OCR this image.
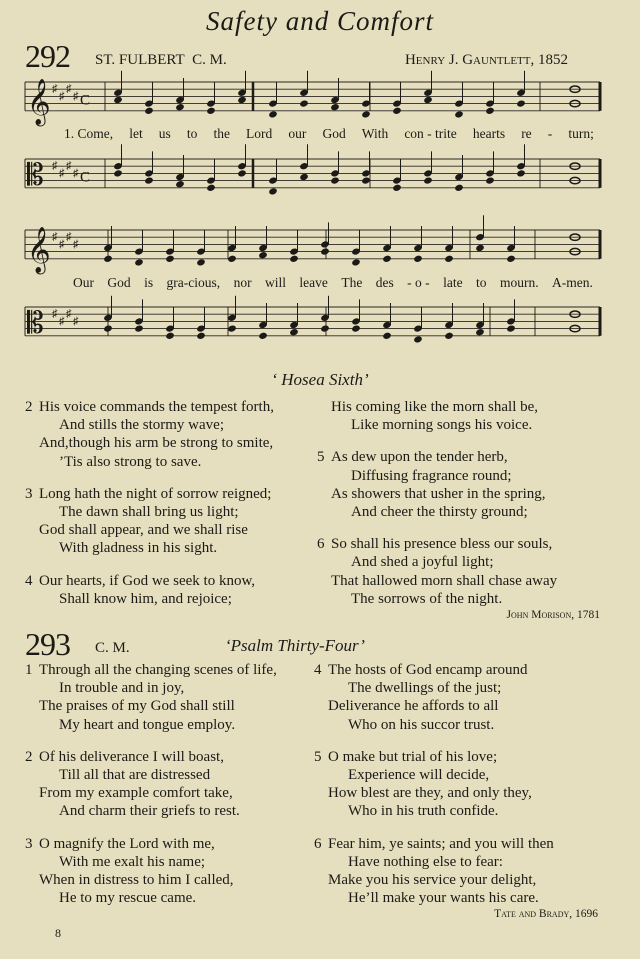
Safety and Comfort
292 ST. FULBERT C. M.	Henry J. Gauntlett, 1852
𝄞 ♯
♯
♯
♯ C
𝄡 ♯
♯
♯
♯ C
𝄞 ♯
♯
♯
♯
𝄡 ♯
♯
♯
♯
1. Come, let us to the Lord our God With con - trite hearts re - turn;
Our God is gra-cious, nor will leave The des - o - late to mourn. A-men.
‘ Hosea Sixth’
2 His voice commands the tempest forth,
And stills the stormy wave;
And,though his arm be strong to smite,
’Tis also strong to save.
3 Long hath the night of sorrow reigned;
The dawn shall bring us light;
God shall appear, and we shall rise
With gladness in his sight.
4 Our hearts, if God we seek to know,
Shall know him, and rejoice;
His coming like the morn shall be,
Like morning songs his voice.
5 As dew upon the tender herb,
Diffusing fragrance round;
As showers that usher in the spring,
And cheer the thirsty ground;
6 So shall his presence bless our souls,
And shed a joyful light;
That hallowed morn shall chase away
The sorrows of the night.
John Morison, 1781
293 C. M.	‘Psalm Thirty-Four’
1 Through all the changing scenes of life,
In trouble and in joy,
The praises of my God shall still
My heart and tongue employ.
2 Of his deliverance I will boast,
Till all that are distressed
From my example comfort take,
And charm their griefs to rest.
3 O magnify the Lord with me,
With me exalt his name;
When in distress to him I called,
He to my rescue came.
4 The hosts of God encamp around
The dwellings of the just;
Deliverance he affords to all
Who on his succor trust.
5 O make but trial of his love;
Experience will decide,
How blest are they, and only they,
Who in his truth confide.
6 Fear him, ye saints; and you will then
Have nothing else to fear:
Make you his service your delight,
He’ll make your wants his care.
Tate and Brady, 1696
8
